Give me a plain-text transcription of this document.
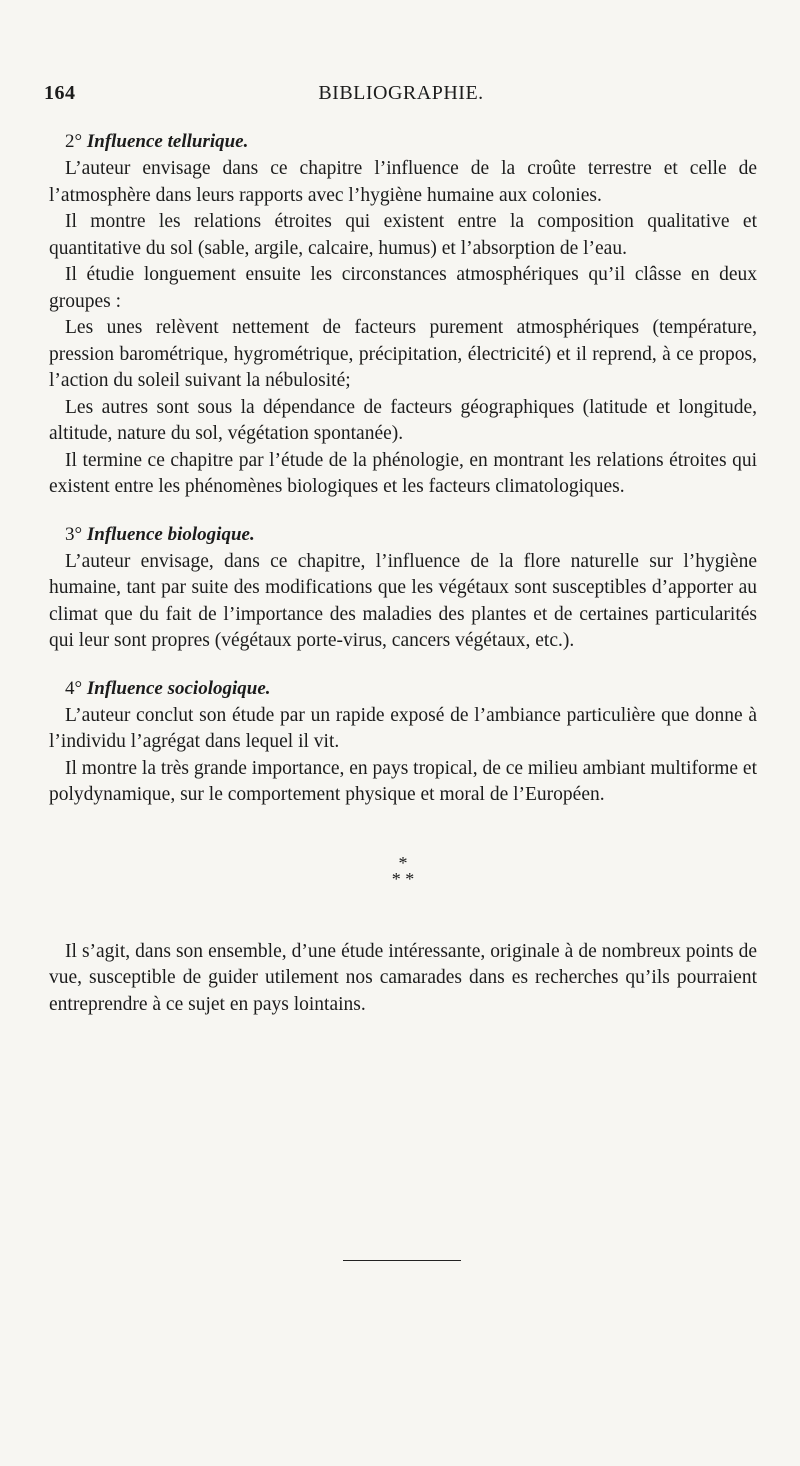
164	BIBLIOGRAPHIE.
2° Influence tellurique.

L’auteur envisage dans ce chapitre l’influence de la croûte terrestre et celle de l’atmosphère dans leurs rapports avec l’hygiène humaine aux colonies.

Il montre les relations étroites qui existent entre la composition qualitative et quantitative du sol (sable, argile, calcaire, humus) et l’absorption de l’eau.

Il étudie longuement ensuite les circonstances atmosphériques qu’il clâsse en deux groupes :

Les unes relèvent nettement de facteurs purement atmosphériques (température, pression barométrique, hygrométrique, précipitation, électricité) et il reprend, à ce propos, l’action du soleil suivant la nébulosité;

Les autres sont sous la dépendance de facteurs géographiques (latitude et longitude, altitude, nature du sol, végétation spontanée).

Il termine ce chapitre par l’étude de la phénologie, en montrant les relations étroites qui existent entre les phénomènes biologiques et les facteurs climatologiques.

3° Influence biologique.

L’auteur envisage, dans ce chapitre, l’influence de la flore naturelle sur l’hygiène humaine, tant par suite des modifications que les végétaux sont susceptibles d’apporter au climat que du fait de l’importance des maladies des plantes et de certaines particularités qui leur sont propres (végétaux porte-virus, cancers végétaux, etc.).

4° Influence sociologique.

L’auteur conclut son étude par un rapide exposé de l’ambiance particulière que donne à l’individu l’agrégat dans lequel il vit.

Il montre la très grande importance, en pays tropical, de ce milieu ambiant multiforme et polydynamique, sur le comportement physique et moral de l’Européen.

*
* *

Il s’agit, dans son ensemble, d’une étude intéressante, originale à de nombreux points de vue, susceptible de guider utilement nos camarades dans es recherches qu’ils pourraient entreprendre à ce sujet en pays lointains.
